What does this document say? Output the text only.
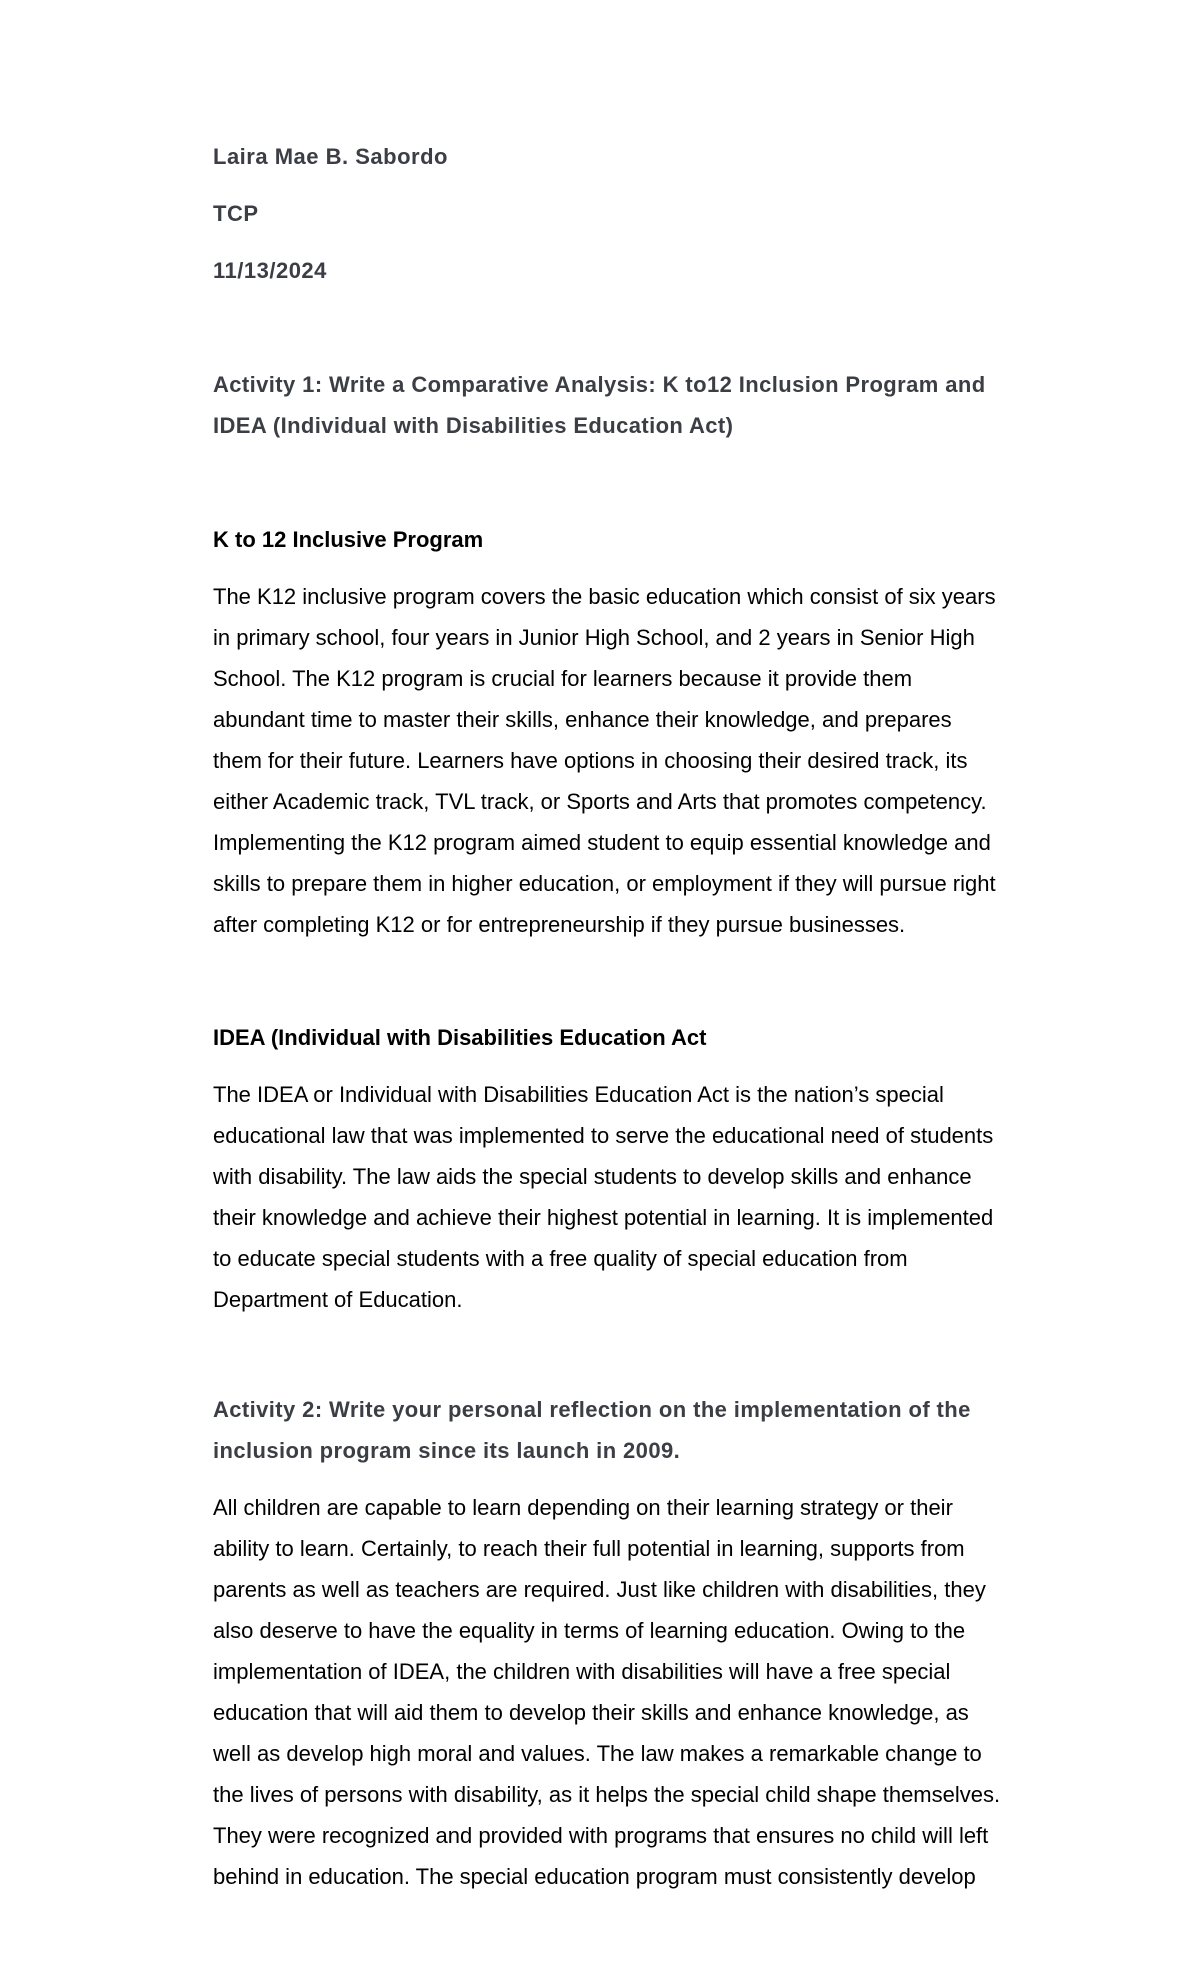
Laira Mae B. Sabordo
TCP
11/13/2024
Activity 1: Write a Comparative Analysis: K to12 Inclusion Program and
IDEA (Individual with Disabilities Education Act)
K to 12 Inclusive Program
The K12 inclusive program covers the basic education which consist of six years
in primary school, four years in Junior High School, and 2 years in Senior High
School. The K12 program is crucial for learners because it provide them
abundant time to master their skills, enhance their knowledge, and prepares
them for their future. Learners have options in choosing their desired track, its
either Academic track, TVL track, or Sports and Arts that promotes competency.
Implementing the K12 program aimed student to equip essential knowledge and
skills to prepare them in higher education, or employment if they will pursue right
after completing K12 or for entrepreneurship if they pursue businesses.
IDEA (Individual with Disabilities Education Act
The IDEA or Individual with Disabilities Education Act is the nation’s special
educational law that was implemented to serve the educational need of students
with disability. The law aids the special students to develop skills and enhance
their knowledge and achieve their highest potential in learning. It is implemented
to educate special students with a free quality of special education from
Department of Education.
Activity 2: Write your personal reflection on the implementation of the
inclusion program since its launch in 2009.
All children are capable to learn depending on their learning strategy or their
ability to learn. Certainly, to reach their full potential in learning, supports from
parents as well as teachers are required. Just like children with disabilities, they
also deserve to have the equality in terms of learning education. Owing to the
implementation of IDEA, the children with disabilities will have a free special
education that will aid them to develop their skills and enhance knowledge, as
well as develop high moral and values. The law makes a remarkable change to
the lives of persons with disability, as it helps the special child shape themselves.
They were recognized and provided with programs that ensures no child will left
behind in education. The special education program must consistently develop
